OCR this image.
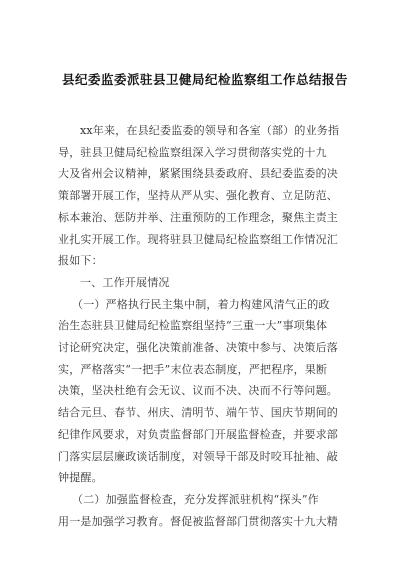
县纪委监委派驻县卫健局纪检监察组工作总结报告
xx年来，在县纪委监委的领导和各室（部）的业务指
导，驻县卫健局纪检监察组深入学习贯彻落实党的十九
大及省州会议精神，紧紧围绕县委政府、县纪委监委的决
策部署开展工作，坚持从严从实、强化教育、立足防范、
标本兼治、惩防并举、注重预防的工作理念，聚焦主责主
业扎实开展工作。现将驻县卫健局纪检监察组工作情况汇
报如下：
一、工作开展情况
（一）严格执行民主集中制，着力构建风清气正的政
治生态驻县卫健局纪检监察组坚持“三重一大”事项集体
讨论研究决定，强化决策前准备、决策中参与、决策后落
实，严格落实“一把手”末位表态制度，严把程序，果断
决策，坚决杜绝有会无议、议而不决、决而不行等问题。
结合元旦、春节、州庆、清明节、端午节、国庆节期间的
纪律作风要求，对负责监督部门开展监督检查，并要求部
门落实层层廉政谈话制度，对领导干部及时咬耳扯袖、敲
钟提醒。
（二）加强监督检查，充分发挥派驻机构“探头”作
用一是加强学习教育。督促被监督部门贯彻落实十九大精
